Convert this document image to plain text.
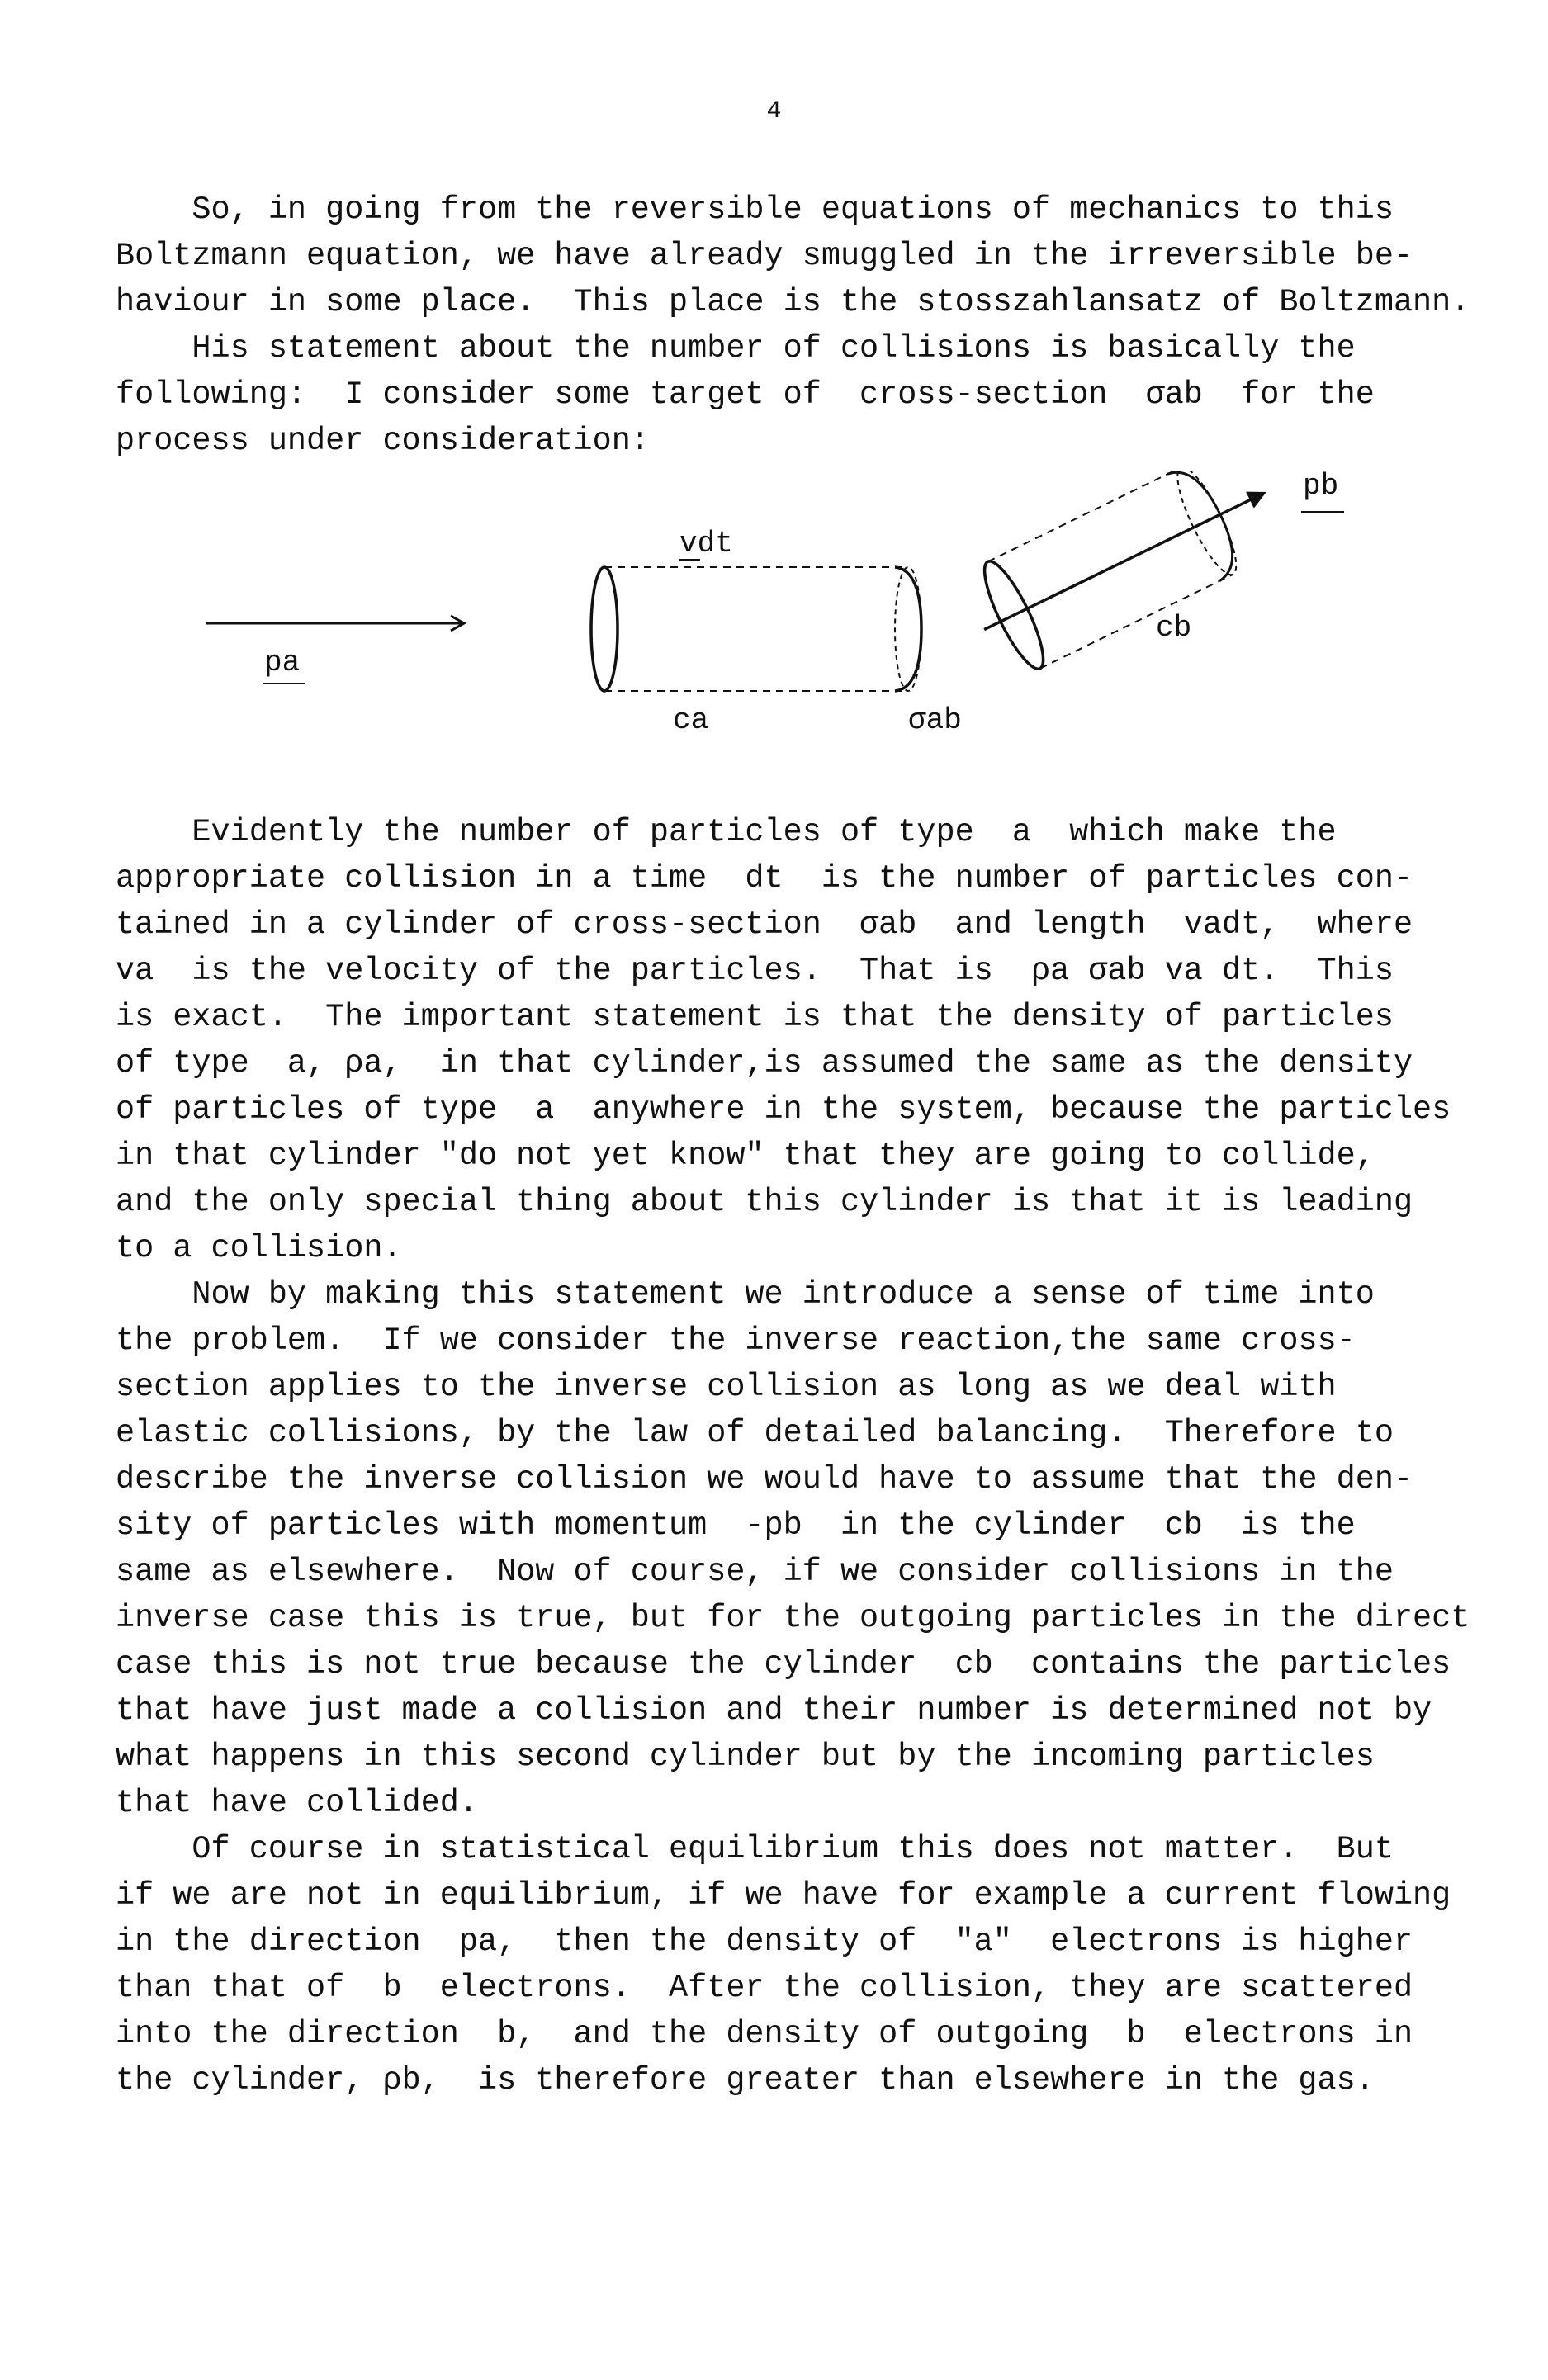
4
So, in going from the reversible equations of mechanics to this
Boltzmann equation, we have already smuggled in the irreversible be-
haviour in some place.  This place is the stosszahlansatz of Boltzmann.
His statement about the number of collisions is basically the
following:  I consider some target of  cross-section  σab  for the
process under consideration:
pa
vdt
ca	σab
pb
cb
Evidently the number of particles of type  a  which make the
appropriate collision in a time  dt  is the number of particles con-
tained in a cylinder of cross-section  σab  and length  vadt,  where
va  is the velocity of the particles.  That is  ρa σab va dt.  This
is exact.  The important statement is that the density of particles
of type  a, ρa,  in that cylinder,is assumed the same as the density
of particles of type  a  anywhere in the system, because the particles
in that cylinder "do not yet know" that they are going to collide,
and the only special thing about this cylinder is that it is leading
to a collision.
Now by making this statement we introduce a sense of time into
the problem.  If we consider the inverse reaction,the same cross-
section applies to the inverse collision as long as we deal with
elastic collisions, by the law of detailed balancing.  Therefore to
describe the inverse collision we would have to assume that the den-
sity of particles with momentum  -pb  in the cylinder  cb  is the
same as elsewhere.  Now of course, if we consider collisions in the
inverse case this is true, but for the outgoing particles in the direct
case this is not true because the cylinder  cb  contains the particles
that have just made a collision and their number is determined not by
what happens in this second cylinder but by the incoming particles
that have collided.
Of course in statistical equilibrium this does not matter.  But
if we are not in equilibrium, if we have for example a current flowing
in the direction  pa,  then the density of  "a"  electrons is higher
than that of  b  electrons.  After the collision, they are scattered
into the direction  b,  and the density of outgoing  b  electrons in
the cylinder, ρb,  is therefore greater than elsewhere in the gas.
